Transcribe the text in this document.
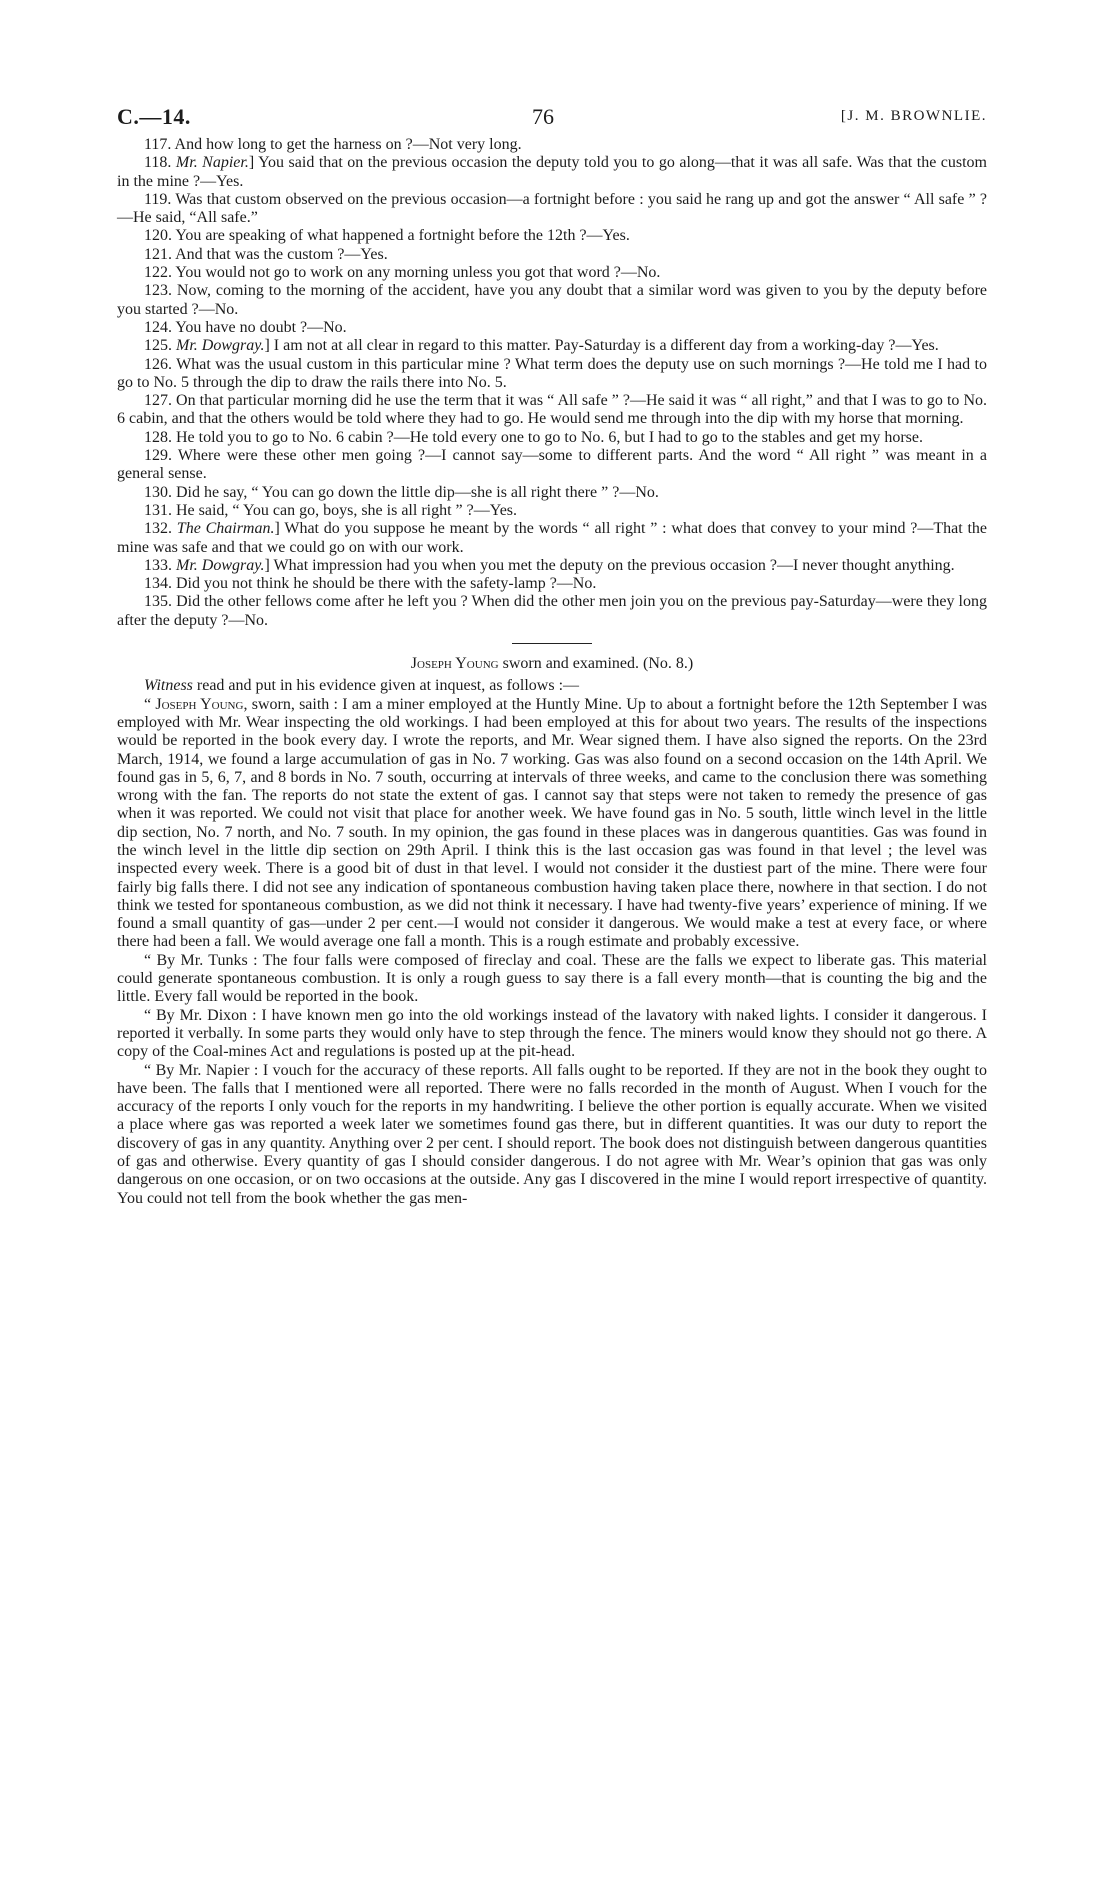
C.—14.	76	[J. M. BROWNLIE.

117. And how long to get the harness on ?—Not very long.

118. Mr. Napier.] You said that on the previous occasion the deputy told you to go along—that it was all safe. Was that the custom in the mine ?—Yes.

119. Was that custom observed on the previous occasion—a fortnight before : you said he rang up and got the answer “ All safe ” ?—He said, “All safe.”

120. You are speaking of what happened a fortnight before the 12th ?—Yes.

121. And that was the custom ?—Yes.

122. You would not go to work on any morning unless you got that word ?—No.

123. Now, coming to the morning of the accident, have you any doubt that a similar word was given to you by the deputy before you started ?—No.

124. You have no doubt ?—No.

125. Mr. Dowgray.] I am not at all clear in regard to this matter. Pay-Saturday is a different day from a working-day ?—Yes.

126. What was the usual custom in this particular mine ? What term does the deputy use on such mornings ?—He told me I had to go to No. 5 through the dip to draw the rails there into No. 5.

127. On that particular morning did he use the term that it was “ All safe ” ?—He said it was “ all right,” and that I was to go to No. 6 cabin, and that the others would be told where they had to go. He would send me through into the dip with my horse that morning.

128. He told you to go to No. 6 cabin ?—He told every one to go to No. 6, but I had to go to the stables and get my horse.

129. Where were these other men going ?—I cannot say—some to different parts. And the word “ All right ” was meant in a general sense.

130. Did he say, “ You can go down the little dip—she is all right there ” ?—No.

131. He said, “ You can go, boys, she is all right ” ?—Yes.

132. The Chairman.] What do you suppose he meant by the words “ all right ” : what does that convey to your mind ?—That the mine was safe and that we could go on with our work.

133. Mr. Dowgray.] What impression had you when you met the deputy on the previous occasion ?—I never thought anything.

134. Did you not think he should be there with the safety-lamp ?—No.

135. Did the other fellows come after he left you ? When did the other men join you on the previous pay-Saturday—were they long after the deputy ?—No.

Joseph Young sworn and examined. (No. 8.)

Witness read and put in his evidence given at inquest, as follows :—

“ Joseph Young, sworn, saith : I am a miner employed at the Huntly Mine. Up to about a fortnight before the 12th September I was employed with Mr. Wear inspecting the old workings. I had been employed at this for about two years. The results of the inspections would be reported in the book every day. I wrote the reports, and Mr. Wear signed them. I have also signed the reports. On the 23rd March, 1914, we found a large accumulation of gas in No. 7 working. Gas was also found on a second occasion on the 14th April. We found gas in 5, 6, 7, and 8 bords in No. 7 south, occurring at intervals of three weeks, and came to the conclusion there was something wrong with the fan. The reports do not state the extent of gas. I cannot say that steps were not taken to remedy the presence of gas when it was reported. We could not visit that place for another week. We have found gas in No. 5 south, little winch level in the little dip section, No. 7 north, and No. 7 south. In my opinion, the gas found in these places was in dangerous quantities. Gas was found in the winch level in the little dip section on 29th April. I think this is the last occasion gas was found in that level ; the level was inspected every week. There is a good bit of dust in that level. I would not consider it the dustiest part of the mine. There were four fairly big falls there. I did not see any indication of spontaneous combustion having taken place there, nowhere in that section. I do not think we tested for spontaneous combustion, as we did not think it necessary. I have had twenty-five years’ experience of mining. If we found a small quantity of gas—under 2 per cent.—I would not consider it dangerous. We would make a test at every face, or where there had been a fall. We would average one fall a month. This is a rough estimate and probably excessive.

“ By Mr. Tunks : The four falls were composed of fireclay and coal. These are the falls we expect to liberate gas. This material could generate spontaneous combustion. It is only a rough guess to say there is a fall every month—that is counting the big and the little. Every fall would be reported in the book.

“ By Mr. Dixon : I have known men go into the old workings instead of the lavatory with naked lights. I consider it dangerous. I reported it verbally. In some parts they would only have to step through the fence. The miners would know they should not go there. A copy of the Coal-mines Act and regulations is posted up at the pit-head.

“ By Mr. Napier : I vouch for the accuracy of these reports. All falls ought to be reported. If they are not in the book they ought to have been. The falls that I mentioned were all reported. There were no falls recorded in the month of August. When I vouch for the accuracy of the reports I only vouch for the reports in my handwriting. I believe the other portion is equally accurate. When we visited a place where gas was reported a week later we sometimes found gas there, but in different quantities. It was our duty to report the discovery of gas in any quantity. Anything over 2 per cent. I should report. The book does not distinguish between dangerous quantities of gas and otherwise. Every quantity of gas I should consider dangerous. I do not agree with Mr. Wear’s opinion that gas was only dangerous on one occasion, or on two occasions at the outside. Any gas I discovered in the mine I would report irrespective of quantity. You could not tell from the book whether the gas men-
